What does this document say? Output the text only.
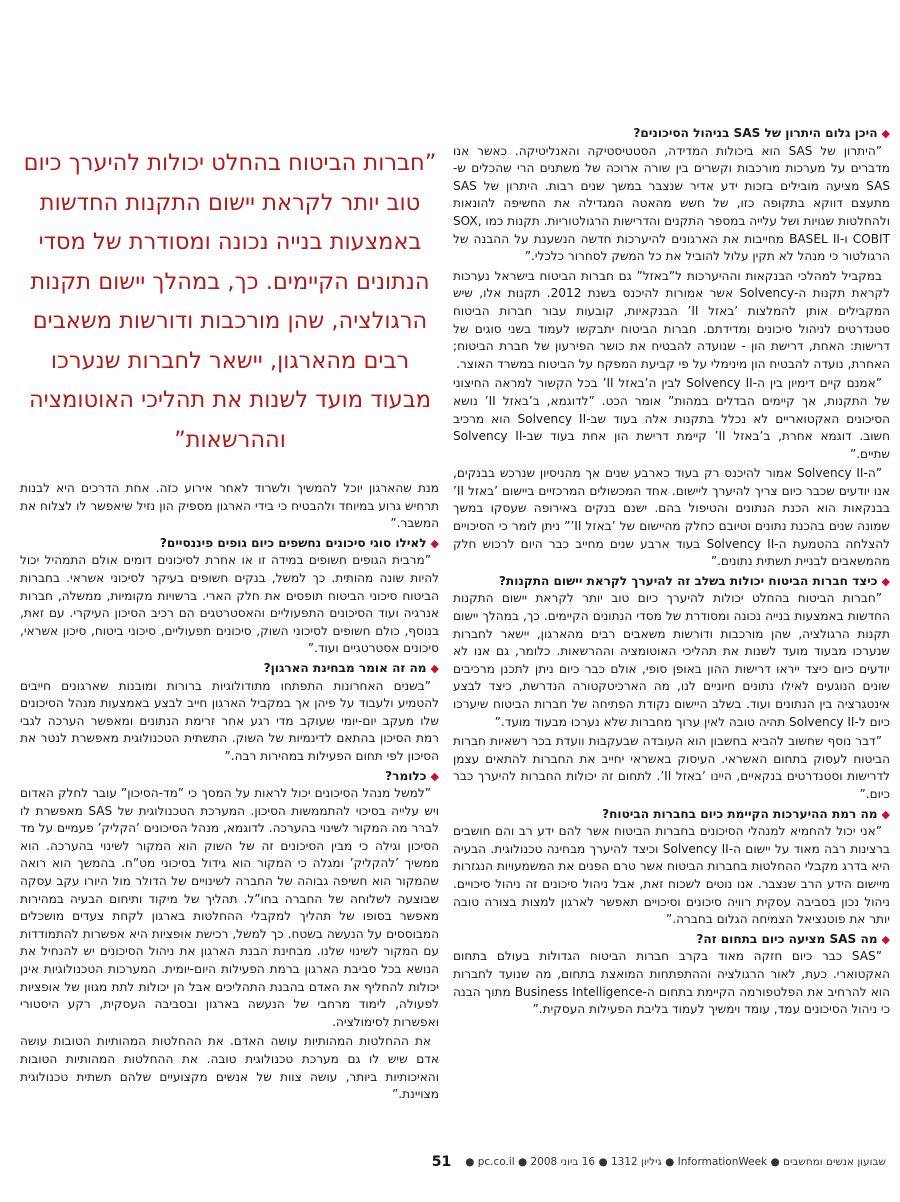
◆היכן גלום היתרון של SAS בניהול הסיכונים?

”היתרון של SAS הוא ביכולות המדידה, הסטטיסטיקה והאנליטיקה. כאשר אנו מדברים על מערכות מורכבות וקשרים בין שורה ארוכה של משתנים הרי שהכלים ש-SAS מציעה מובילים בזכות ידע אדיר שנצבר במשך שנים רבות. היתרון של SAS מתעצם דווקא בתקופה כזו, של חשש מהאטה המגדילה את החשיפה להונאות ולהחלטות שגויות ושל עלייה במספר התקנים והדרישות הרגולטוריות. תקנות כמו SOX, COBIT ו-BASEL II מחייבות את הארגונים להיערכות חדשה הנשענת על ההבנה של הרגולטור כי מנהל לא תקין עלול להוביל את כל המשק לסחרור כלכלי.”

במקביל למהלכי הבנקאות וההיערכות ל”באזל” גם חברות הביטוח בישראל נערכות לקראת תקנות ה-Solvency אשר אמורות להיכנס בשנת 2012. תקנות אלו, שיש המקבילים אותן להמלצות ’באזל II’ הבנקאיות, קובעות עבור חברות הביטוח סטנדרטים לניהול סיכונים ומדידתם. חברות הביטוח יתבקשו לעמוד בשני סוגים של דרישות: האחת, דרישת הון - שנועדה להבטיח את כושר הפירעון של חברת הביטוח; האחרת, נועדה להבטיח הון מינימלי על פי קביעת המפקח על הביטוח במשרד האוצר.

”אמנם קיים דימיון בין ה-Solvency II לבין ה’באזל II’ בכל הקשור למראה החיצוני של התקנות, אך קיימים הבדלים במהות” אומר הכט. ”לדוגמא, ב’באזל II’ נושא הסיכונים האקטואריים לא נכלל בתקנות אלה בעוד שב-Solvency II הוא מרכיב חשוב. דוגמא אחרת, ב’באזל II’ קיימת דרישת הון אחת בעוד שב-Solvency II שתיים.”

”ה-Solvency II אמור להיכנס רק בעוד כארבע שנים אך מהניסיון שנרכש בבנקים, אנו יודעים שכבר כיום צריך להיערך ליישום. אחד המכשולים המרכזיים ביישום ’באזל II’ בבנקאות הוא הכנת הנתונים והטיפול בהם. ישנם בנקים באירופה שעסקו במשך שמונה שנים בהכנת נתונים וטיובם כחלק מהיישום של ’באזל II’” ניתן לומר כי הסיכויים להצלחה בהטמעת ה-Solvency II בעוד ארבע שנים מחייב כבר היום לרכוש חלק מהמשאבים לבניית תשתית נתונים.”

◆כיצד חברות הביטוח יכולות בשלב זה להיערך לקראת יישום התקנות?

”חברות הביטוח בהחלט יכולות להיערך כיום טוב יותר לקראת יישום התקנות החדשות באמצעות בנייה נכונה ומסודרת של מסדי הנתונים הקיימים. כך, במהלך יישום תקנות הרגולציה, שהן מורכבות ודורשות משאבים רבים מהארגון, יישאר לחברות שנערכו מבעוד מועד לשנות את תהליכי האוטומציה וההרשאות. כלומר, גם אנו לא יודעים כיום כיצד ייראו דרישות ההון באופן סופי, אולם כבר כיום ניתן לתכנן מרכיבים שונים הנוגעים לאילו נתונים חיוניים לנו, מה הארכיטקטורה הנדרשת, כיצד לבצע אינטגרציה בין הנתונים ועוד. בשלב היישום נקודת הפתיחה של חברות הביטוח שיערכו כיום ל-Solvency II תהיה טובה לאין ערוך מחברות שלא נערכו מבעוד מועד.”

”דבר נוסף שחשוב להביא בחשבון הוא העובדה שבעקבות וועדת בכר רשאיות חברות הביטוח לעסוק בתחום האשראי. העיסוק באשראי יחייב את החברות להתאים עצמן לדרישות וסטנדרטים בנקאיים, היינו ’באזל II’. לתחום זה יכולות החברות להיערך כבר כיום.”

◆מה רמת ההיערכות הקיימת כיום בחברות הביטוח?

”אני יכול להחמיא למנהלי הסיכונים בחברות הביטוח אשר להם ידע רב והם חושבים ברצינות רבה מאוד על יישום ה-Solvency II וכיצד להיערך מבחינה טכנולוגית. הבעיה היא בדרג מקבלי ההחלטות בחברות הביטוח אשר טרם הפנים את המשמעויות הנגזרות מיישום הידע הרב שנצבר. אנו נוטים לשכוח זאת, אבל ניהול סיכונים זה ניהול סיכויים. ניהול נכון בסביבה עסקית רוויה סיכונים וסיכויים תאפשר לארגון למצות בצורה טובה יותר את פוטנציאל הצמיחה הגלום בחברה.”

◆מה SAS מציעה כיום בתחום זה?

”SAS כבר כיום חזקה מאוד בקרב חברות הביטוח הגדולות בעולם בתחום האקטוארי. כעת, לאור הרגולציה וההתפתחות המואצת בתחום, מה שנועד לחברות הוא להרחיב את הפלטפורמה הקיימת בתחום ה-Business Intelligence מתוך הבנה כי ניהול הסיכונים עמד, עומד וימשיך לעמוד בליבת הפעילות העסקית.”

”חברות הביטוח בהחלט יכולות להיערך כיום טוב יותר לקראת יישום התקנות החדשות באמצעות בנייה נכונה ומסודרת של מסדי הנתונים הקיימים. כך, במהלך יישום תקנות הרגולציה, שהן מורכבות ודורשות משאבים רבים מהארגון, יישאר לחברות שנערכו מבעוד מועד לשנות את תהליכי האוטומציה וההרשאות”

מנת שהארגון יוכל להמשיך ולשרוד לאחר אירוע כזה. אחת הדרכים היא לבנות תרחיש גרוע במיוחד ולהבטיח כי בידי הארגון מספיק הון נזיל שיאפשר לו לצלוח את המשבר.”

◆לאילו סוגי סיכונים נחשפים כיום גופים פיננסיים?

”מרבית הגופים חשופים במידה זו או אחרת לסיכונים דומים אולם התמהיל יכול להיות שונה מהותית. כך למשל, בנקים חשופים בעיקר לסיכוני אשראי. בחברות הביטוח סיכוני הביטוח תופסים את חלק הארי. ברשויות מקומיות, ממשלה, חברות אנרגיה ועוד הסיכונים התפעוליים והאסטרטגים הם רכיב הסיכון העיקרי. עם זאת, בנוסף, כולם חשופים לסיכוני השוק, סיכונים תפעוליים, סיכוני ביטוח, סיכון אשראי, סיכונים אסטרטגיים ועוד.”

◆מה זה אומר מבחינת הארגון?

”בשנים האחרונות התפתחו מתודולוגיות ברורות ומובנות שארגונים חייבים להטמיע ולעבוד על פיהן אך במקביל הארגון חייב לבצע באמצעות מנהל הסיכונים שלו מעקב יום-יומי שעוקב מדי רגע אחר זרימת הנתונים ומאפשר הערכה לגבי רמת הסיכון בהתאם לדינמיות של השוק. התשתית הטכנולוגית מאפשרת לנטר את הסיכון לפי תחום הפעילות במהירות רבה.”

◆כלומר?

”למשל מנהל הסיכונים יכול לראות על המסך כי ”מד-הסיכון” עובר לחלק האדום ויש עלייה בסיכוי להתממשות הסיכון. המערכת הטכנולוגית של SAS מאפשרת לו לברר מה המקור לשינוי בהערכה. לדוגמא, מנהל הסיכונים ’הקליק’ פעמיים על מד הסיכון וגילה כי מבין הסיכונים זה של השוק הוא המקור לשינוי בהערכה. הוא ממשיך ’להקליק’ ומגלה כי המקור הוא גידול בסיכוני מט”ח. בהמשך הוא רואה שהמקור הוא חשיפה גבוהה של החברה לשינויים של הדולר מול היורו עקב עסקה שבוצעה לשלוחה של החברה בחו”ל. תהליך של מיקוד ותיחום הבעיה במהירות מאפשר בסופו של תהליך למקבלי ההחלטות בארגון לקחת צעדים מושכלים המבוססים על הנעשה בשטח. כך למשל, רכישת אופציות היא אפשרות להתמודדות עם המקור לשינוי שלנו. מבחינת הבנת הארגון את ניהול הסיכונים יש להנחיל את הנושא בכל סביבת הארגון ברמת הפעילות היום-יומית. המערכות הטכנולוגיות אינן יכולות להחליף את האדם בהבנת התהליכים אבל הן יכולות לתת מגוון של אופציות לפעולה, לימוד מרחבי של הנעשה בארגון ובסביבה העסקית, רקע היסטורי ואפשרות לסימולציה.

את ההחלטות המהותיות עושה האדם. את ההחלטות המהותיות הטובות עושה אדם שיש לו גם מערכת טכנולוגית טובה. את ההחלטות המהותיות הטובות והאיכותיות ביותר, עושה צוות של אנשים מקצועיים שלהם תשתית טכנולוגית מצויינת.”

שבועון אנשים ומחשבים ● InformationWeek ● גיליון 1312 ● 16 ביוני 2008 ● pc.co.il ●
51
